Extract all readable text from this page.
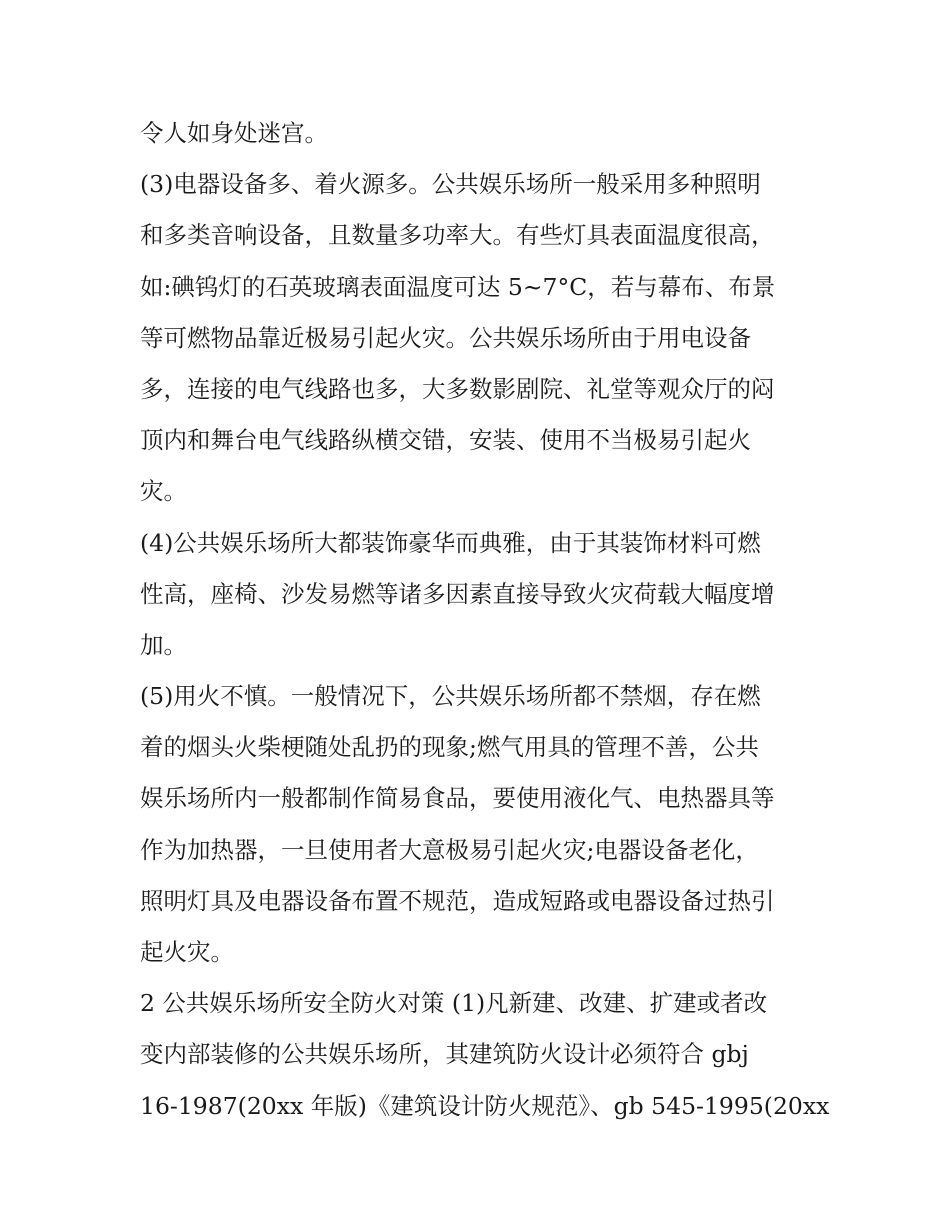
令人如身处迷宫。
(3)电器设备多、着火源多。公共娱乐场所一般采用多种照明
和多类音响设备，且数量多功率大。有些灯具表面温度很高，
如:碘钨灯的石英玻璃表面温度可达 5~7°C，若与幕布、布景
等可燃物品靠近极易引起火灾。公共娱乐场所由于用电设备
多，连接的电气线路也多，大多数影剧院、礼堂等观众厅的闷
顶内和舞台电气线路纵横交错，安装、使用不当极易引起火
灾。
(4)公共娱乐场所大都装饰豪华而典雅，由于其装饰材料可燃
性高，座椅、沙发易燃等诸多因素直接导致火灾荷载大幅度增
加。
(5)用火不慎。一般情况下，公共娱乐场所都不禁烟，存在燃
着的烟头火柴梗随处乱扔的现象;燃气用具的管理不善，公共
娱乐场所内一般都制作简易食品，要使用液化气、电热器具等
作为加热器，一旦使用者大意极易引起火灾;电器设备老化，
照明灯具及电器设备布置不规范，造成短路或电器设备过热引
起火灾。
2 公共娱乐场所安全防火对策 (1)凡新建、改建、扩建或者改
变内部装修的公共娱乐场所，其建筑防火设计必须符合 gbj
16-1987(20xx 年版)《建筑设计防火规范》、gb 545-1995(20xx
